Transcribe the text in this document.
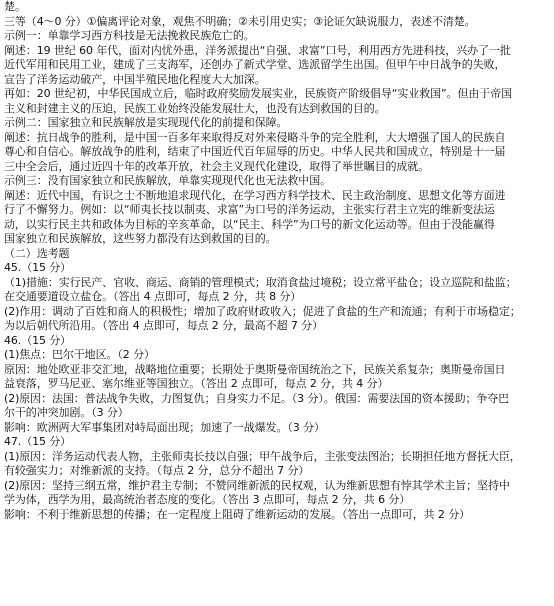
楚。
三等（4～0 分）①偏离评论对象，观焦不明确；②未引用史实；③论证欠缺说服力，表述不清楚。
示例一：单靠学习西方科技是无法挽救民族危亡的。
阐述：19 世纪 60 年代，面对内忧外患，洋务派提出“自强、求富”口号，利用西方先进科技，兴办了一批
近代军用和民用工业，建成了三支海军，还创办了新式学堂、选派留学生出国。但甲午中日战争的失败，
宣告了洋务运动破产，中国半殖民地化程度大大加深。
再如：20 世纪初，中华民国成立后，临时政府奖励发展实业，民族资产阶级倡导“实业救国”。但由于帝国
主义和封建主义的压迫，民族工业始终没能发展壮大，也没有达到救国的目的。
示例二：国家独立和民族解放是实现现代化的前提和保障。
阐述：抗日战争的胜利，是中国一百多年来取得反对外来侵略斗争的完全胜利，大大增强了国人的民族自
尊心和自信心。解放战争的胜利，结束了中国近代百年屈辱的历史。中华人民共和国成立，特别是十一届
三中全会后，通过近四十年的改革开放，社会主义现代化建设，取得了举世瞩目的成就。
示例三：没有国家独立和民族解放，单靠实现现代化也无法救中国。
阐述：近代中国，有识之士不断地追求现代化，在学习西方科学技术、民主政治制度、思想文化等方面进
行了不懈努力。例如：以“师夷长技以制夷、求富”为口号的洋务运动，主张实行君主立宪的维新变法运
动，以实行民主共和政体为目标的辛亥革命，以“民主、科学”为口号的新文化运动等。但由于没能赢得
国家独立和民族解放，这些努力都没有达到救国的目的。
（二）选考题
45.（15 分）
（1)措施：实行民产、官收、商运、商销的管理模式；取消食盐过境税；设立常平盐仓；设立巡院和盐监；
在交通要道设立盐仓。（答出 4 点即可，每点 2 分，共 8 分）
(2)作用：调动了百姓和商人的积极性；增加了政府财政收入；促进了食盐的生产和流通；有利于市场稳定；
为以后朝代所沿用。（答出 4 点即可，每点 2 分，最高不超 7 分）
46.（15 分）
(1)焦点：巴尔干地区。（2 分）
原因：地处欧亚非交汇地，战略地位重要；长期处于奥斯曼帝国统治之下，民族关系复杂；奥斯曼帝国日
益衰落，罗马尼亚、塞尔维亚等国独立。（答出 2 点即可，每点 2 分，共 4 分）
(2)原因：法国：普法战争失败，力图复仇；自身实力不足。（3 分）。俄国：需要法国的资本援助；争夺巴
尔干的冲突加剧。（3 分）
影响：欧洲两大军事集团对峙局面出现；加速了一战爆发。（3 分）
47.（15 分）
(1)原因：洋务运动代表人物，主张师夷长技以自强；甲午战争后，主张变法图治；长期担任地方督抚大臣，
有较强实力；对维新派的支持。（每点 2 分，总分不超出 7 分）
(2)原因：坚持三纲五常，维护君主专制；不赞同维新派的民权观，认为维新思想有悖其学术主旨；坚持中
学为体，西学为用，最高统治者态度的变化。（答出 3 点即可，每点 2 分，共 6 分）
影响：不利于维新思想的传播；在一定程度上阻碍了维新运动的发展。（答出一点即可，共 2 分）
